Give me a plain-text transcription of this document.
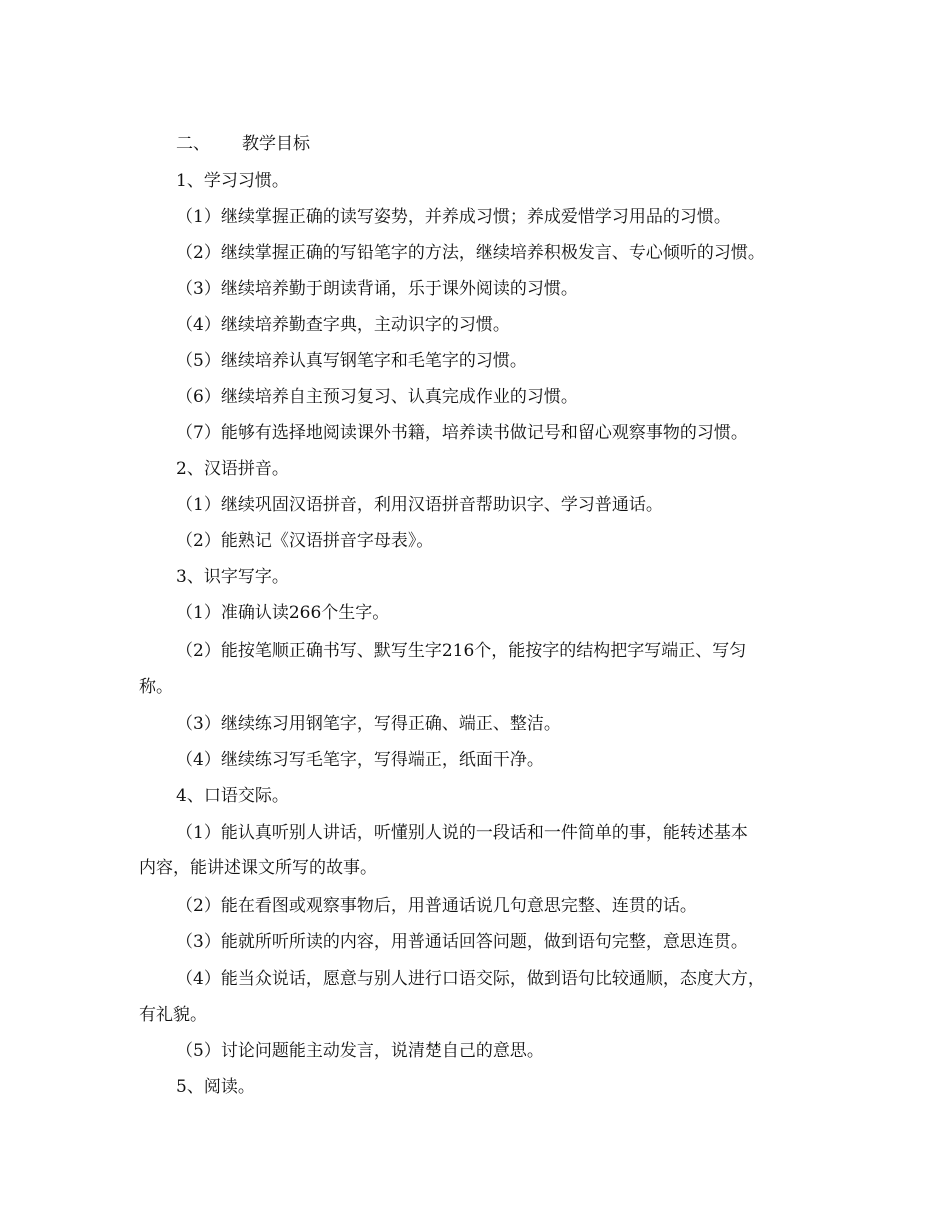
二、 教学目标
1、学习习惯。
（1）继续掌握正确的读写姿势，并养成习惯；养成爱惜学习用品的习惯。
（2）继续掌握正确的写铅笔字的方法，继续培养积极发言、专心倾听的习惯。
（3）继续培养勤于朗读背诵，乐于课外阅读的习惯。
（4）继续培养勤查字典，主动识字的习惯。
（5）继续培养认真写钢笔字和毛笔字的习惯。
（6）继续培养自主预习复习、认真完成作业的习惯。
（7）能够有选择地阅读课外书籍，培养读书做记号和留心观察事物的习惯。
2、汉语拼音。
（1）继续巩固汉语拼音，利用汉语拼音帮助识字、学习普通话。
（2）能熟记《汉语拼音字母表》。
3、识字写字。
（1）准确认读266个生字。
（2）能按笔顺正确书写、默写生字216个，能按字的结构把字写端正、写匀
称。
（3）继续练习用钢笔字，写得正确、端正、整洁。
（4）继续练习写毛笔字，写得端正，纸面干净。
4、口语交际。
（1）能认真听别人讲话，听懂别人说的一段话和一件简单的事，能转述基本
内容，能讲述课文所写的故事。
（2）能在看图或观察事物后，用普通话说几句意思完整、连贯的话。
（3）能就所听所读的内容，用普通话回答问题，做到语句完整，意思连贯。
（4）能当众说话，愿意与别人进行口语交际，做到语句比较通顺，态度大方，
有礼貌。
（5）讨论问题能主动发言，说清楚自己的意思。
5、阅读。
